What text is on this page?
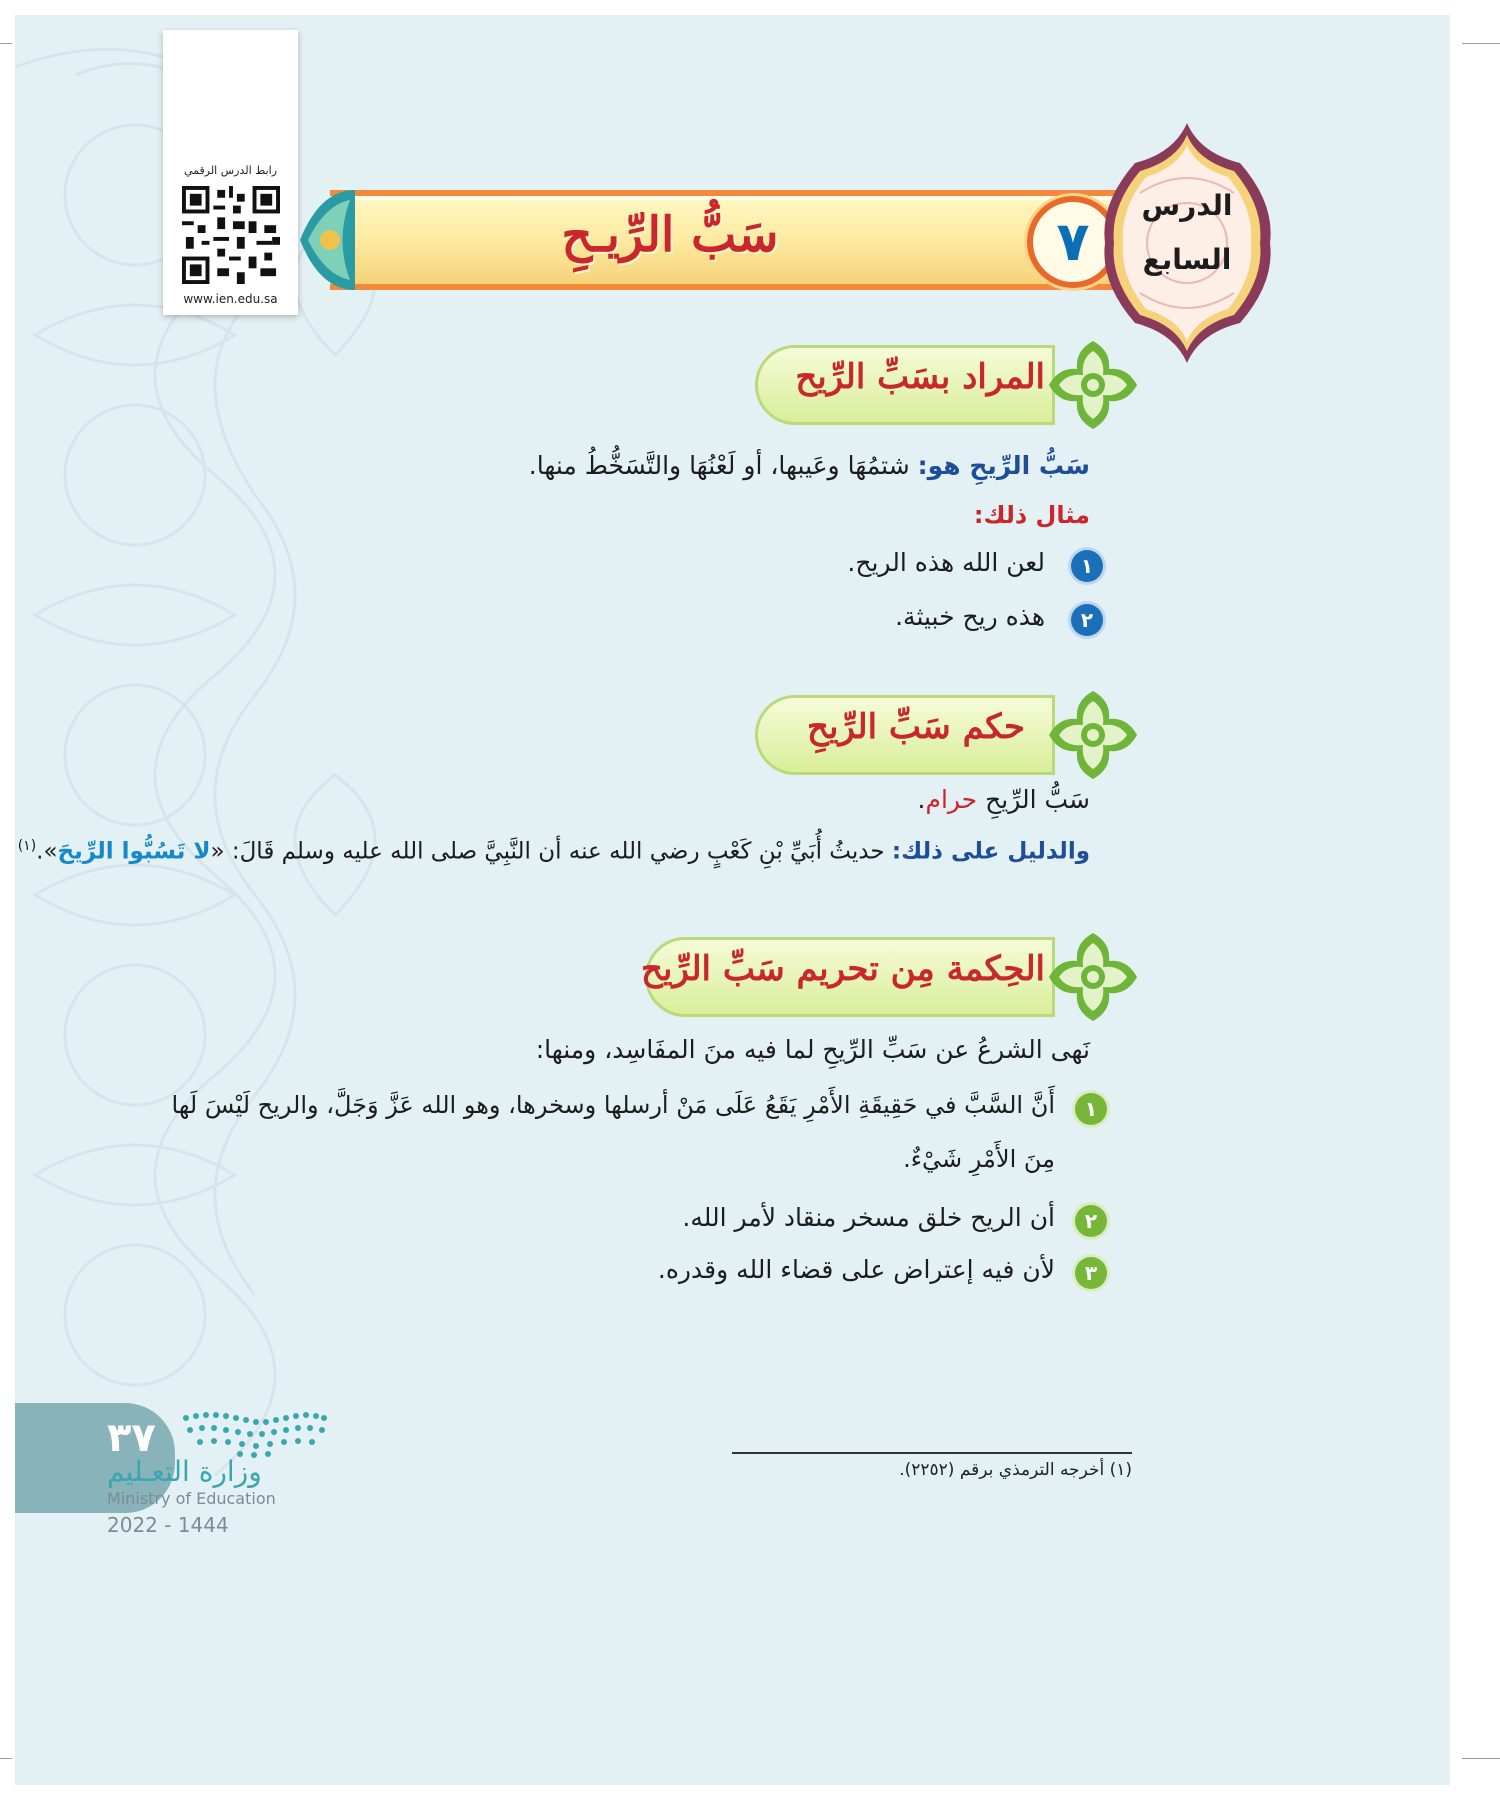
رابط الدرس الرقمي
www.ien.edu.sa
سَبُّ الرِّيـحِ	٧
الدرس
السابع
المراد بسَبِّ الرِّيح
سَبُّ الرِّيحِ هو: شتمُهَا وعَيبها، أو لَعْنُهَا والتَّسَخُّطُ منها.
مثال ذلك:
١
لعن الله هذه الريح.
٢
هذه ريح خبيثة.
حكم سَبِّ الرِّيحِ
سَبُّ الرِّيحِ حرام.
والدليل على ذلك: حديثُ أُبَيِّ بْنِ كَعْبٍ رضي الله عنه أن النَّبِيَّ صلى الله عليه وسلم قَالَ: «لا تَسُبُّوا الرِّيحَ».$^{(١)}$
الحِكمة مِن تحريم سَبِّ الرِّيح
نَهى الشرعُ عن سَبِّ الرِّيحِ لما فيه منَ المفَاسِد، ومنها:
١
أَنَّ السَّبَّ في حَقِيقَةِ الأَمْرِ يَقَعُ عَلَى مَنْ أرسلها وسخرها، وهو الله عَزَّ وَجَلَّ، والريح لَيْسَ لَها
مِنَ الأَمْرِ شَيْءٌ.
٢
أن الريح خلق مسخر منقاد لأمر الله.
٣
لأن فيه إعتراض على قضاء الله وقدره.
(١) أخرجه الترمذي برقم (٢٢٥٢).
٣٧
وزارة التعـليم
Ministry of Education
2022 - 1444
